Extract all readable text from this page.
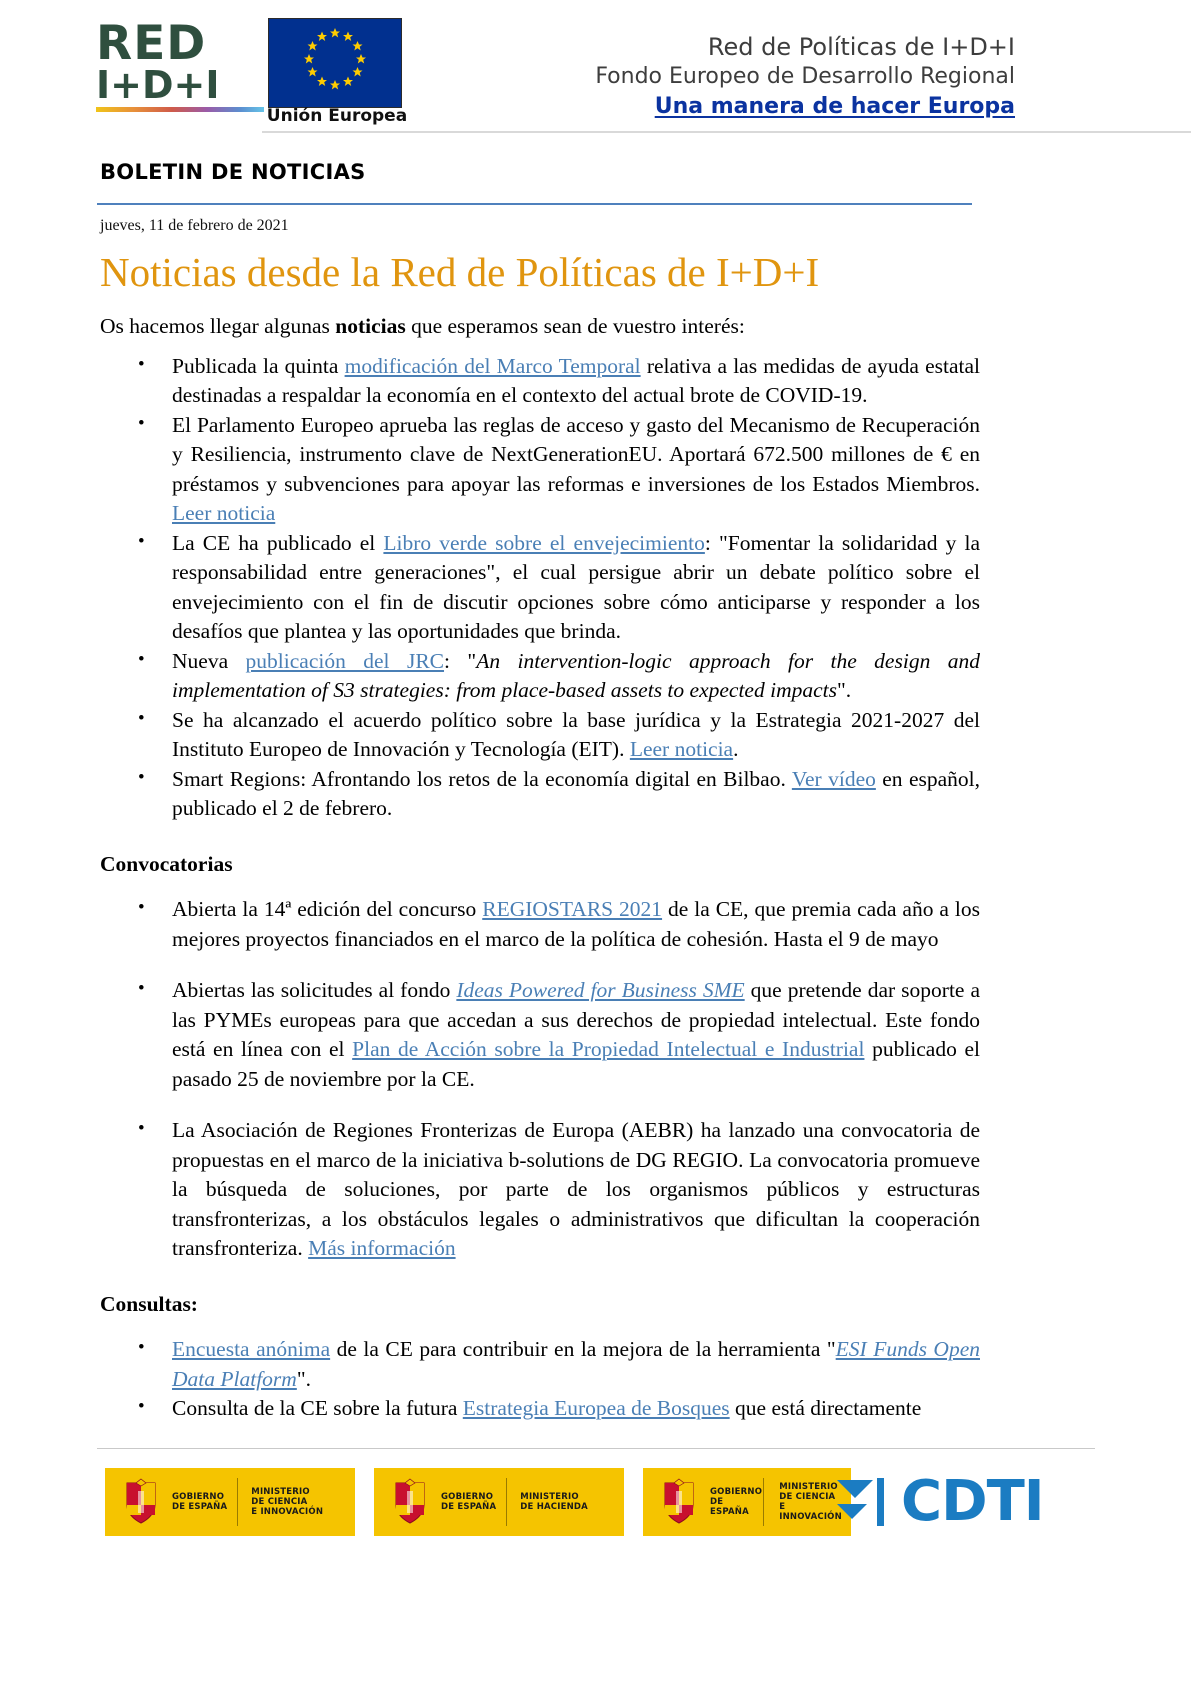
RED
I+D+I
Unión Europea
Red de Políticas de I+D+I
Fondo Europeo de Desarrollo Regional
Una manera de hacer Europa
BOLETIN DE NOTICIAS
jueves, 11 de febrero de 2021
Noticias desde la Red de Políticas de I+D+I

Os hacemos llegar algunas noticias que esperamos sean de vuestro interés:

• Publicada la quinta modificación del Marco Temporal relativa a las medidas de ayuda estatal destinadas a respaldar la economía en el contexto del actual brote de COVID-19.
• El Parlamento Europeo aprueba las reglas de acceso y gasto del Mecanismo de Recuperación y Resiliencia, instrumento clave de NextGenerationEU. Aportará 672.500 millones de € en préstamos y subvenciones para apoyar las reformas e inversiones de los Estados Miembros. Leer noticia
• La CE ha publicado el Libro verde sobre el envejecimiento: "Fomentar la solidaridad y la responsabilidad entre generaciones", el cual persigue abrir un debate político sobre el envejecimiento con el fin de discutir opciones sobre cómo anticiparse y responder a los desafíos que plantea y las oportunidades que brinda.
• Nueva publicación del JRC: "An intervention-logic approach for the design and implementation of S3 strategies: from place-based assets to expected impacts".
• Se ha alcanzado el acuerdo político sobre la base jurídica y la Estrategia 2021-2027 del Instituto Europeo de Innovación y Tecnología (EIT). Leer noticia.
• Smart Regions: Afrontando los retos de la economía digital en Bilbao. Ver vídeo en español, publicado el 2 de febrero.
Convocatorias
• Abierta la 14ª edición del concurso REGIOSTARS 2021 de la CE, que premia cada año a los mejores proyectos financiados en el marco de la política de cohesión. Hasta el 9 de mayo
• Abiertas las solicitudes al fondo Ideas Powered for Business SME que pretende dar soporte a las PYMEs europeas para que accedan a sus derechos de propiedad intelectual. Este fondo está en línea con el Plan de Acción sobre la Propiedad Intelectual e Industrial publicado el pasado 25 de noviembre por la CE.
• La Asociación de Regiones Fronterizas de Europa (AEBR) ha lanzado una convocatoria de propuestas en el marco de la iniciativa b-solutions de DG REGIO. La convocatoria promueve la búsqueda de soluciones, por parte de los organismos públicos y estructuras transfronterizas, a los obstáculos legales o administrativos que dificultan la cooperación transfronteriza. Más información
Consultas:
• Encuesta anónima de la CE para contribuir en la mejora de la herramienta "ESI Funds Open Data Platform".
• Consulta de la CE sobre la futura Estrategia Europea de Bosques que está directamente
GOBIERNO
DE ESPAÑA
MINISTERIO
DE CIENCIA
E INNOVACIÓN
GOBIERNO
DE ESPAÑA
MINISTERIO
DE HACIENDA
GOBIERNO
DE ESPAÑA
MINISTERIO
DE CIENCIA
E INNOVACIÓN CDTI
